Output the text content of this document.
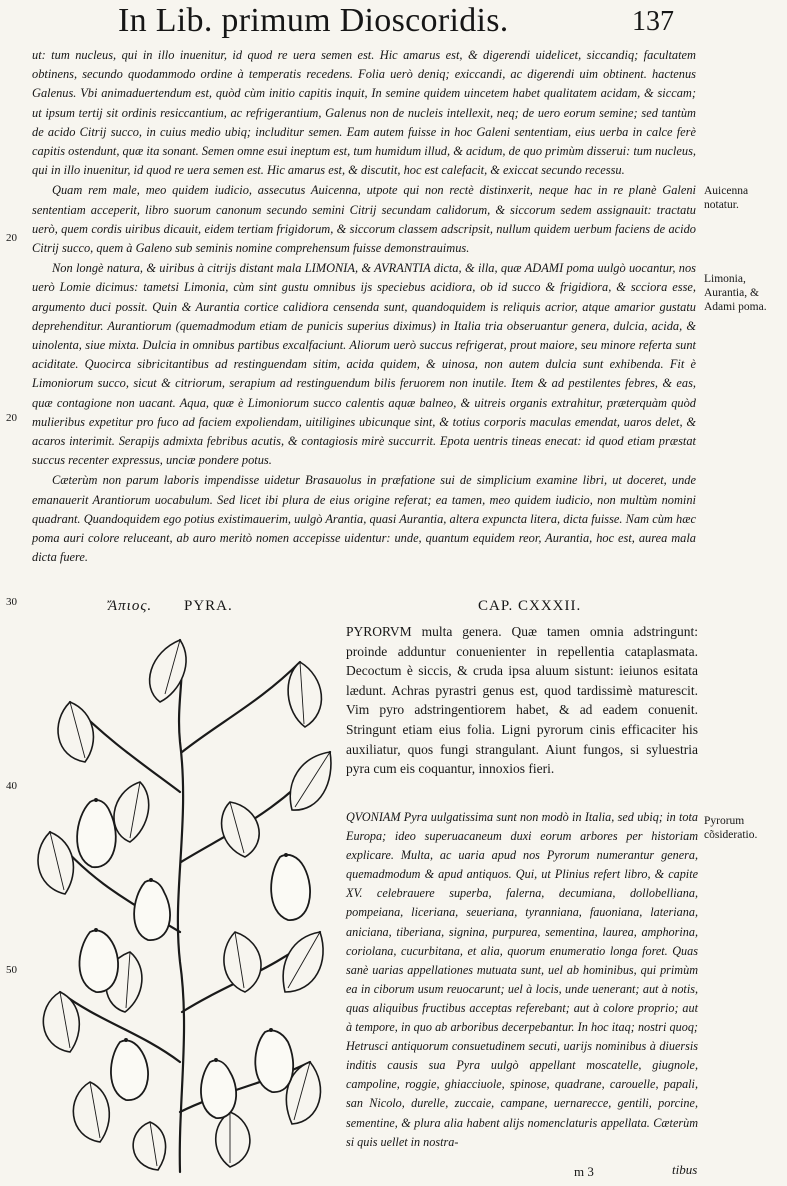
In Lib. primum Dioscoridis.	137

ut: tum nucleus, qui in illo inuenitur, id quod re uera semen est. Hic amarus est, & digerendi uidelicet, siccandiq; facultatem obtinens, secundo quodammodo ordine à temperatis recedens. Folia uerò deniq; exiccandi, ac digerendi uim obtinent. hactenus Galenus. Vbi animaduertendum est, quòd cùm initio capitis inquit, In semine quidem uincetem habet qualitatem acidam, & siccam; ut ipsum tertij sit ordinis resiccantium, ac refrigerantium, Galenus non de nucleis intellexit, neq; de uero eorum semine; sed tantùm de acido Citrij succo, in cuius medio ubiq; includitur semen. Eam autem fuisse in hoc Galeni sententiam, eius uerba in calce ferè capitis ostendunt, quæ ita sonant. Semen omne esui ineptum est, tum humidum illud, & acidum, de quo primùm disserui: tum nucleus, qui in illo inuenitur, id quod re uera semen est. Hic amarus est, & discutit, hoc est calefacit, & exiccat secundo recessu.

Quam rem male, meo quidem iudicio, assecutus Auicenna, utpote qui non rectè distinxerit, neque hac in re planè Galeni sententiam acceperit, libro suorum canonum secundo semini Citrij secundam calidorum, & siccorum sedem assignauit: tractatu uerò, quem cordis uiribus dicauit, eidem tertiam frigidorum, & siccorum classem adscripsit, nullum quidem uerbum faciens de acido Citrij succo, quem à Galeno sub seminis nomine comprehensum fuisse demonstrauimus.

Non longè natura, & uiribus à citrijs distant mala LIMONIA, & AVRANTIA dicta, & illa, quæ ADAMI poma uulgò uocantur, nos uerò Lomie dicimus: tametsi Limonia, cùm sint gustu omnibus ijs speciebus acidiora, ob id succo & frigidiora, & scciora esse, argumento duci possit. Quin & Aurantia cortice calidiora censenda sunt, quandoquidem is reliquis acrior, atque amarior gustatu deprehenditur. Aurantiorum (quemadmodum etiam de punicis superius diximus) in Italia tria obseruantur genera, dulcia, acida, & uinolenta, siue mixta. Dulcia in omnibus partibus excalfaciunt. Aliorum uerò succus refrigerat, prout maiore, seu minore referta sunt aciditate. Quocirca sibricitantibus ad restinguendam sitim, acida quidem, & uinosa, non autem dulcia sunt exhibenda. Fit è Limoniorum succo, sicut & citriorum, serapium ad restinguendum bilis feruorem non inutile. Item & ad pestilentes febres, & eas, quæ contagione non uacant. Aqua, quæ è Limoniorum succo calentis aquæ balneo, & uitreis organis extrahitur, præterquàm quòd mulieribus expetitur pro fuco ad faciem expoliendam, uitiligines ubicunque sint, & totius corporis maculas emendat, uaros delet, & acaros interimit. Serapijs admixta febribus acutis, & contagiosis mirè succurrit. Epota uentris tineas enecat: id quod etiam præstat succus recenter expressus, unciæ pondere potus.

Cæterùm non parum laboris impendisse uidetur Brasauolus in præfatione sui de simplicium examine libri, ut doceret, unde emanauerit Arantiorum uocabulum. Sed licet ibi plura de eius origine referat; ea tamen, meo quidem iudicio, non multùm nomini quadrant. Quandoquidem ego potius existimauerim, uulgò Arantia, quasi Aurantia, altera expuncta litera, dicta fuisse. Nam cùm hæc poma auri colore reluceant, ab auro meritò nomen accepisse uidentur: unde, quantum equidem reor, Aurantia, hoc est, aurea mala dicta fuere.

Auicenna notatur.
Limonia, Aurantia, & Adami poma.
Pyrorum cõsideratio.
20
20
30
40
50
Ἄπιος. PYRA.	CAP. CXXXII.

PYRORVM multa genera. Quæ tamen omnia adstringunt: proinde adduntur conuenienter in repellentia cataplasmata. Decoctum è siccis, & cruda ipsa aluum sistunt: ieiunos esitata lædunt. Achras pyrastri genus est, quod tardissimè maturescit. Vim pyro adstringentiorem habet, & ad eadem conuenit. Stringunt etiam eius folia. Ligni pyrorum cinis efficaciter his auxiliatur, quos fungi strangulant. Aiunt fungos, si syluestria pyra cum eis coquantur, innoxios fieri.

QVONIAM Pyra uulgatissima sunt non modò in Italia, sed ubiq; in tota Europa; ideo superuacaneum duxi eorum arbores per historiam explicare. Multa, ac uaria apud nos Pyrorum numerantur genera, quemadmodum & apud antiquos. Qui, ut Plinius refert libro, & capite XV. celebrauere superba, falerna, decumiana, dollobelliana, pompeiana, liceriana, seueriana, tyranniana, fauoniana, lateriana, aniciana, tiberiana, signina, purpurea, sementina, laurea, amphorina, coriolana, cucurbitana, et alia, quorum enumeratio longa foret. Quas sanè uarias appellationes mutuata sunt, uel ab hominibus, qui primùm ea in ciborum usum reuocarunt; uel à locis, unde uenerant; aut à notis, quas aliquibus fructibus acceptas referebant; aut à colore proprio; aut à tempore, in quo ab arboribus decerpebantur. In hoc itaq; nostri quoq; Hetrusci antiquorum consuetudinem secuti, uarijs nominibus à diuersis inditis causis sua Pyra uulgò appellant moscatelle, giugnole, campoline, roggie, ghiacciuole, spinose, quadrane, carouelle, papali, san Nicolo, durelle, zuccaie, campane, uernarecce, gentili, porcine, sementine, & plura alia habent alijs nomenclaturis appellata. Cæterùm si quis uellet in nostra-

m 3	tibus
